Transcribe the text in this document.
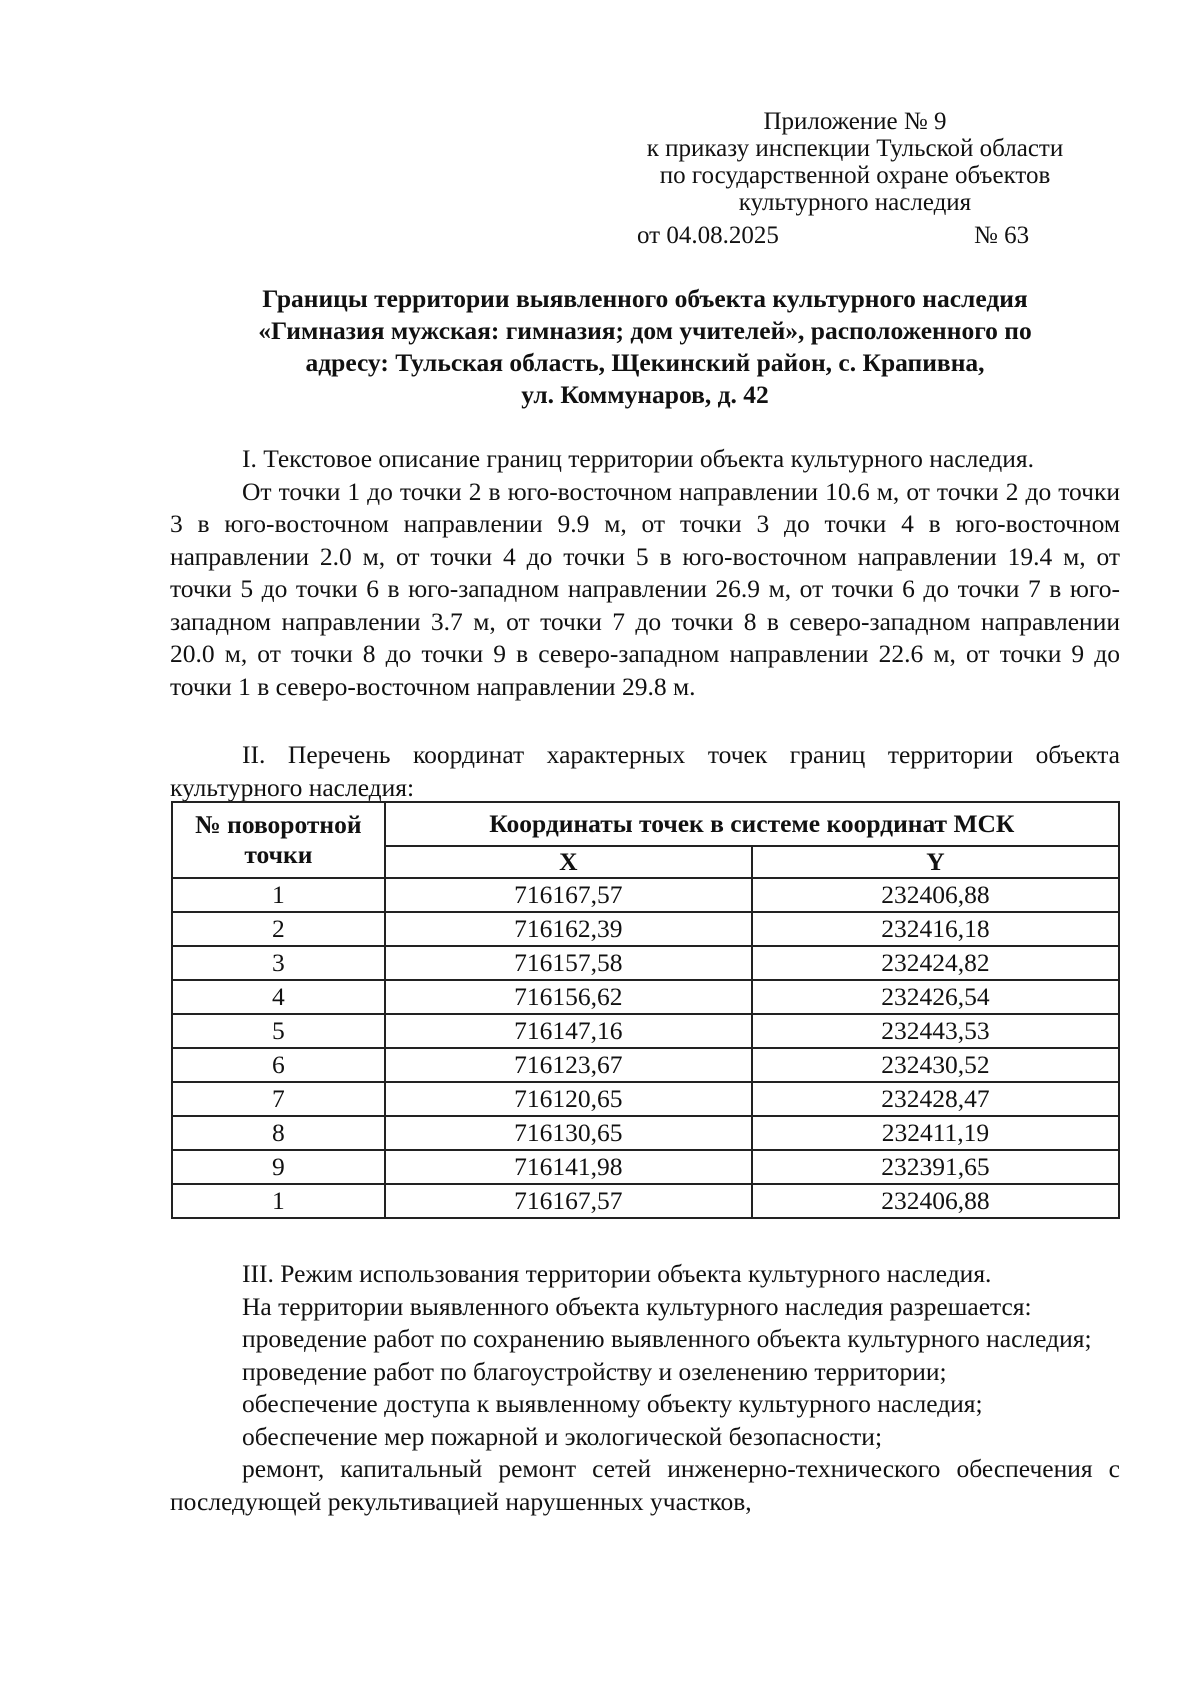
Приложение № 9
к приказу инспекции Тульской области
по государственной охране объектов
культурного наследия
от 04.08.2025	№ 63
Границы территории выявленного объекта культурного наследия
«Гимназия мужская: гимназия; дом учителей», расположенного по
адресу: Тульская область, Щекинский район, с. Крапивна,
ул. Коммунаров, д. 42

I. Текстовое описание границ территории объекта культурного наследия.

От точки 1 до точки 2 в юго-восточном направлении 10.6 м, от точки 2 до точки 3 в юго-восточном направлении 9.9 м, от точки 3 до точки 4 в юго-восточном направлении 2.0 м, от точки 4 до точки 5 в юго-восточном направлении 19.4 м, от точки 5 до точки 6 в юго-западном направлении 26.9 м, от точки 6 до точки 7 в юго-западном направлении 3.7 м, от точки 7 до точки 8 в северо-западном направлении 20.0 м, от точки 8 до точки 9 в северо-западном направлении 22.6 м, от точки 9 до точки 1 в северо-восточном направлении 29.8 м.

II. Перечень координат характерных точек границ территории объекта культурного наследия:

№ поворотной точки	Координаты точек в системе координат МСК	
	X	Y
1	716167,57	232406,88
2	716162,39	232416,18
3	716157,58	232424,82
4	716156,62	232426,54
5	716147,16	232443,53
6	716123,67	232430,52
7	716120,65	232428,47
8	716130,65	232411,19
9	716141,98	232391,65
1	716167,57	232406,88

III. Режим использования территории объекта культурного наследия.

На территории выявленного объекта культурного наследия разрешается:

проведение работ по сохранению выявленного объекта культурного наследия;

проведение работ по благоустройству и озеленению территории;

обеспечение доступа к выявленному объекту культурного наследия;

обеспечение мер пожарной и экологической безопасности;

ремонт, капитальный ремонт сетей инженерно-технического обеспечения с последующей рекультивацией нарушенных участков,
